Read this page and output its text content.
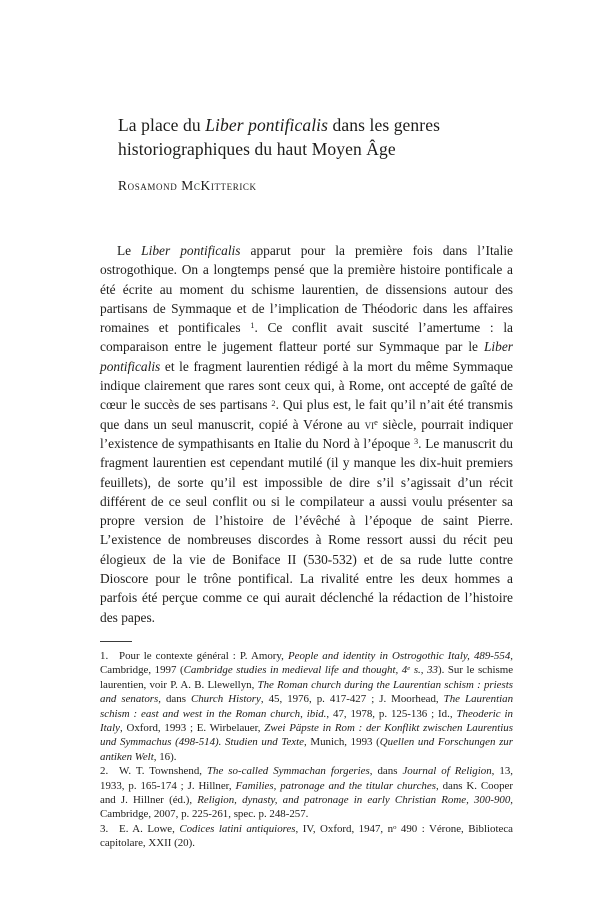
La place du Liber pontificalis dans les genres historiographiques du haut Moyen Âge
Rosamond McKitterick

Le Liber pontificalis apparut pour la première fois dans l’Italie ostrogothique. On a longtemps pensé que la première histoire pontificale a été écrite au moment du schisme laurentien, de dissensions autour des partisans de Symmaque et de l’implication de Théodoric dans les affaires romaines et pontificales $^1$. Ce conflit avait suscité l’amertume : la comparaison entre le jugement flatteur porté sur Symmaque par le Liber pontificalis et le fragment laurentien rédigé à la mort du même Symmaque indique clairement que rares sont ceux qui, à Rome, ont accepté de gaîté de cœur le succès de ses partisans $^2$. Qui plus est, le fait qu’il n’ait été transmis que dans un seul manuscrit, copié à Vérone au $vi^e$ siècle, pourrait indiquer l’existence de sympathisants en Italie du Nord à l’époque $^3$. Le manuscrit du fragment laurentien est cependant mutilé (il y manque les dix-huit premiers feuillets), de sorte qu’il est impossible de dire s’il s’agissait d’un récit différent de ce seul conflit ou si le compilateur a aussi voulu présenter sa propre version de l’histoire de l’évêché à l’époque de saint Pierre. L’existence de nombreuses discordes à Rome ressort aussi du récit peu élogieux de la vie de Boniface II (530-532) et de sa rude lutte contre Dioscore pour le trône pontifical. La rivalité entre les deux hommes a parfois été perçue comme ce qui aurait déclenché la rédaction de l’histoire des papes.

1. Pour le contexte général : P. Amory, People and identity in Ostrogothic Italy, 489-554, Cambridge, 1997 (Cambridge studies in medieval life and thought, 4e s., 33). Sur le schisme laurentien, voir P. A. B. Llewellyn, The Roman church during the Laurentian schism : priests and senators, dans Church History, 45, 1976, p. 417-427 ; J. Moorhead, The Laurentian schism : east and west in the Roman church, ibid., 47, 1978, p. 125-136 ; Id., Theoderic in Italy, Oxford, 1993 ; E. Wirbelauer, Zwei Päpste in Rom : der Konflikt zwischen Laurentius und Symmachus (498-514). Studien und Texte, Munich, 1993 (Quellen und Forschungen zur antiken Welt, 16).

2. W. T. Townshend, The so-called Symmachan forgeries, dans Journal of Religion, 13, 1933, p. 165-174 ; J. Hillner, Families, patronage and the titular churches, dans K. Cooper and J. Hillner (éd.), Religion, dynasty, and patronage in early Christian Rome, 300-900, Cambridge, 2007, p. 225-261, spec. p. 248-257.

3. E. A. Lowe, Codices latini antiquiores, IV, Oxford, 1947, $n^o$ 490 : Vérone, Biblioteca capitolare, XXII (20).
